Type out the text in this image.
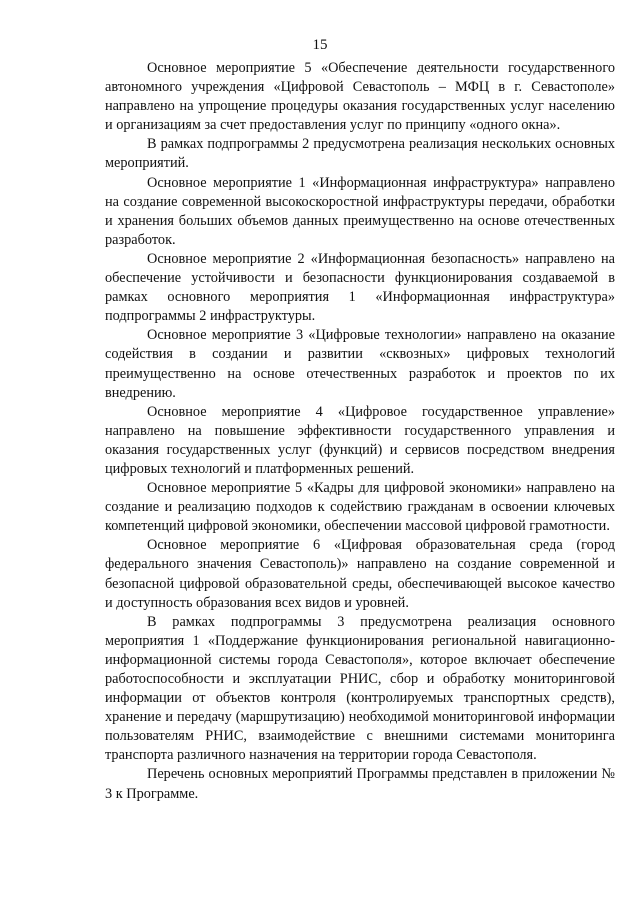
15

Основное мероприятие 5 «Обеспечение деятельности государственного автономного учреждения «Цифровой Севастополь – МФЦ в г. Севастополе» направлено на упрощение процедуры оказания государственных услуг населению и организациям за счет предоставления услуг по принципу «одного окна».

В рамках подпрограммы 2 предусмотрена реализация нескольких основных мероприятий.

Основное мероприятие 1 «Информационная инфраструктура» направлено на создание современной высокоскоростной инфраструктуры передачи, обработки и хранения больших объемов данных преимущественно на основе отечественных разработок.

Основное мероприятие 2 «Информационная безопасность» направлено на обеспечение устойчивости и безопасности функционирования создаваемой в рамках основного мероприятия 1 «Информационная инфраструктура» подпрограммы 2 инфраструктуры.

Основное мероприятие 3 «Цифровые технологии» направлено на оказание содействия в создании и развитии «сквозных» цифровых технологий преимущественно на основе отечественных разработок и проектов по их внедрению.

Основное мероприятие 4 «Цифровое государственное управление» направлено на повышение эффективности государственного управления и оказания государственных услуг (функций) и сервисов посредством внедрения цифровых технологий и платформенных решений.

Основное мероприятие 5 «Кадры для цифровой экономики» направлено на создание и реализацию подходов к содействию гражданам в освоении ключевых компетенций цифровой экономики, обеспечении массовой цифровой грамотности.

Основное мероприятие 6 «Цифровая образовательная среда (город федерального значения Севастополь)» направлено на создание современной и безопасной цифровой образовательной среды, обеспечивающей высокое качество и доступность образования всех видов и уровней.

В рамках подпрограммы 3 предусмотрена реализация основного мероприятия 1 «Поддержание функционирования региональной навигационно-информационной системы города Севастополя», которое включает обеспечение работоспособности и эксплуатации РНИС, сбор и обработку мониторинговой информации от объектов контроля (контролируемых транспортных средств), хранение и передачу (маршрутизацию) необходимой мониторинговой информации пользователям РНИС, взаимодействие с внешними системами мониторинга транспорта различного назначения на территории города Севастополя.

Перечень основных мероприятий Программы представлен в приложении № 3 к Программе.
